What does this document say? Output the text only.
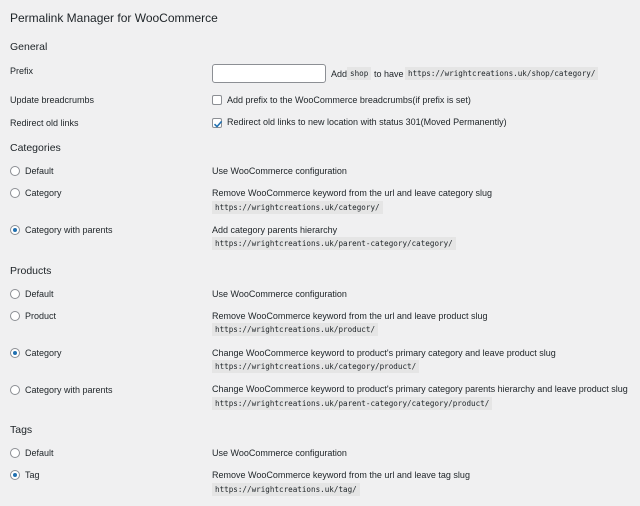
Permalink Manager for WooCommerce
General
Prefix	Add shop to have https://wrightcreations.uk/shop/category/
Update breadcrumbs	Add prefix to the WooCommerce breadcrumbs(if prefix is set)
Redirect old links	Redirect old links to new location with status 301(Moved Permanently)
Categories
Default	Use WooCommerce configuration
Category	Remove WooCommerce keyword from the url and leave category slug
https://wrightcreations.uk/category/
Category with parents	Add category parents hierarchy
https://wrightcreations.uk/parent-category/category/
Products
Default	Use WooCommerce configuration
Product	Remove WooCommerce keyword from the url and leave product slug
https://wrightcreations.uk/product/
Category	Change WooCommerce keyword to product's primary category and leave product slug
https://wrightcreations.uk/category/product/
Category with parents	Change WooCommerce keyword to product's primary category parents hierarchy and leave product slug
https://wrightcreations.uk/parent-category/category/product/
Tags
Default	Use WooCommerce configuration
Tag	Remove WooCommerce keyword from the url and leave tag slug
https://wrightcreations.uk/tag/
